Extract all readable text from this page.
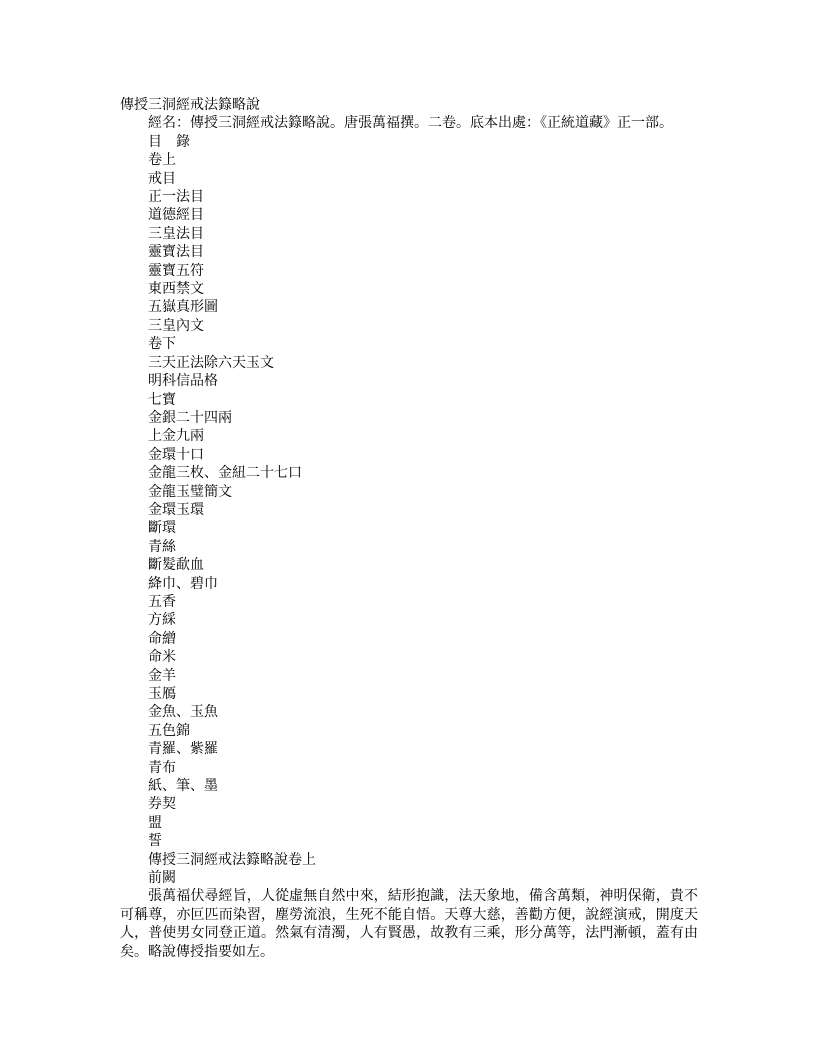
傳授三洞經戒法籙略說
經名：傳授三洞經戒法籙略說。唐張萬福撰。二卷。底本出處：《正統道藏》正一部。
目　錄
卷上
戒目
正一法目
道德經目
三皇法目
靈寶法目
靈寶五符
東西禁文
五嶽真形圖
三皇內文
卷下
三天正法除六天玉文
明科信品格
七寶
金銀二十四兩
上金九兩
金環十口
金龍三枚、金紐二十七口
金龍玉璧簡文
金環玉環
斷環
青絲
斷髮歃血
絳巾、碧巾
五香
方綵
命繒
命米
金羊
玉鴈
金魚、玉魚
五色錦
青羅、紫羅
青布
紙、筆、墨
券契
盟
誓
傳授三洞經戒法籙略說卷上
前闕
張萬福伏尋經旨，人從虛無自然中來，結形抱識，法天象地，備含萬類，神明保衛，貴不可稱尊，亦叵匹而染習，塵勞流浪，生死不能自悟。天尊大慈，善勸方便，說經演戒，開度天人，普使男女同登正道。然氣有清濁，人有賢愚，故教有三乘，形分萬等，法門漸頓，蓋有由矣。略說傳授指要如左。
